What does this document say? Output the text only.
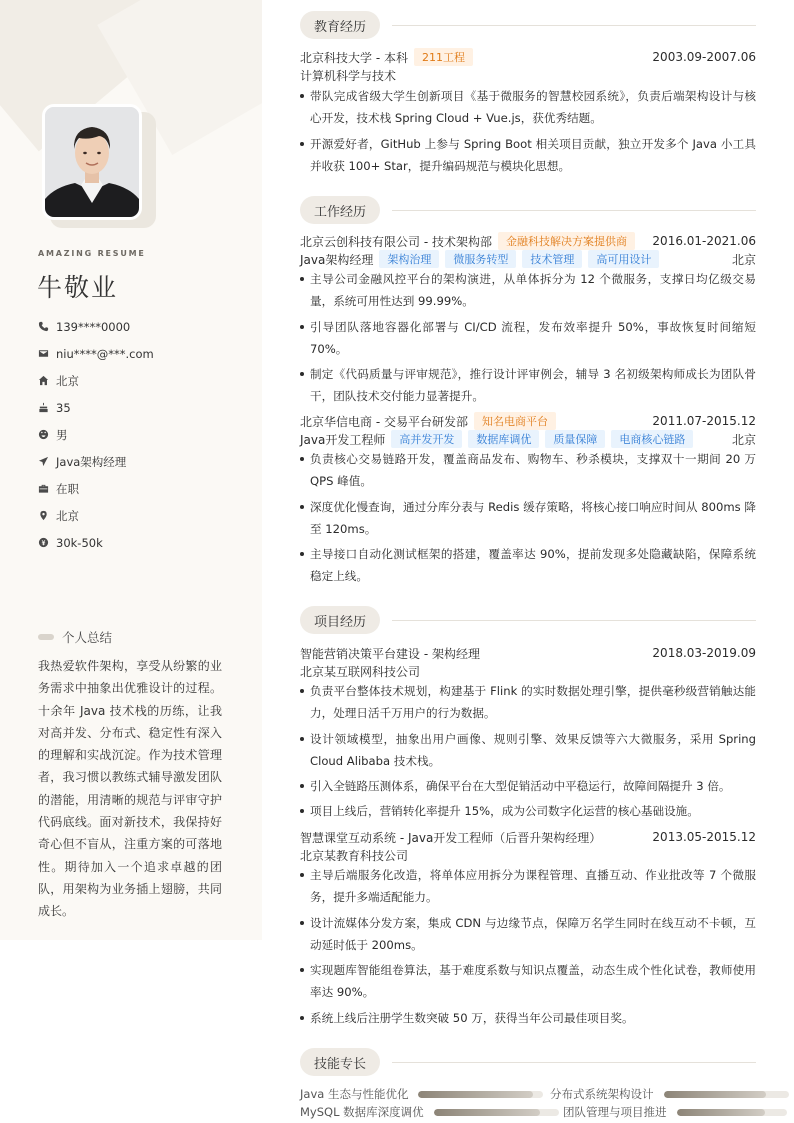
AMAZING RESUME
牛敬业
139****0000
niu****@***.com
北京
35
男
Java架构经理
在职
北京
30k-50k
个人总结
我热爱软件架构，享受从纷繁的业务需求中抽象出优雅设计的过程。十余年 Java 技术栈的历练，让我对高并发、分布式、稳定性有深入的理解和实战沉淀。作为技术管理者，我习惯以教练式辅导激发团队的潜能，用清晰的规范与评审守护代码底线。面对新技术，我保持好奇心但不盲从，注重方案的可落地性。期待加入一个追求卓越的团队，用架构为业务插上翅膀，共同成长。
教育经历
北京科技大学 - 本科	211工程	2003.09-2007.06
计算机科学与技术
带队完成省级大学生创新项目《基于微服务的智慧校园系统》，负责后端架构设计与核心开发，技术栈 Spring Cloud + Vue.js，获优秀结题。
开源爱好者，GitHub 上参与 Spring Boot 相关项目贡献，独立开发多个 Java 小工具并收获 100+ Star，提升编码规范与模块化思想。
工作经历
北京云创科技有限公司 - 技术架构部	金融科技解决方案提供商	2016.01-2021.06
Java架构经理	架构治理	微服务转型	技术管理	高可用设计	北京
主导公司金融风控平台的架构演进，从单体拆分为 12 个微服务，支撑日均亿级交易量，系统可用性达到 99.99%。
引导团队落地容器化部署与 CI/CD 流程，发布效率提升 50%，事故恢复时间缩短 70%。
制定《代码质量与评审规范》，推行设计评审例会，辅导 3 名初级架构师成长为团队骨干，团队技术交付能力显著提升。
北京华信电商 - 交易平台研发部	知名电商平台	2011.07-2015.12
Java开发工程师	高并发开发	数据库调优	质量保障	电商核心链路	北京
负责核心交易链路开发，覆盖商品发布、购物车、秒杀模块，支撑双十一期间 20 万 QPS 峰值。
深度优化慢查询，通过分库分表与 Redis 缓存策略，将核心接口响应时间从 800ms 降至 120ms。
主导接口自动化测试框架的搭建，覆盖率达 90%，提前发现多处隐藏缺陷，保障系统稳定上线。
项目经历
智能营销决策平台建设 - 架构经理	2018.03-2019.09
北京某互联网科技公司
负责平台整体技术规划，构建基于 Flink 的实时数据处理引擎，提供毫秒级营销触达能力，处理日活千万用户的行为数据。
设计领域模型，抽象出用户画像、规则引擎、效果反馈等六大微服务，采用 Spring Cloud Alibaba 技术栈。
引入全链路压测体系，确保平台在大型促销活动中平稳运行，故障间隔提升 3 倍。
项目上线后，营销转化率提升 15%，成为公司数字化运营的核心基础设施。
智慧课堂互动系统 - Java开发工程师（后晋升架构经理）	2013.05-2015.12
北京某教育科技公司
主导后端服务化改造，将单体应用拆分为课程管理、直播互动、作业批改等 7 个微服务，提升多端适配能力。
设计流媒体分发方案，集成 CDN 与边缘节点，保障万名学生同时在线互动不卡顿，互动延时低于 200ms。
实现题库智能组卷算法，基于难度系数与知识点覆盖，动态生成个性化试卷，教师使用率达 90%。
系统上线后注册学生数突破 50 万，获得当年公司最佳项目奖。
技能专长
Java 生态与性能优化	分布式系统架构设计
MySQL 数据库深度调优	团队管理与项目推进
